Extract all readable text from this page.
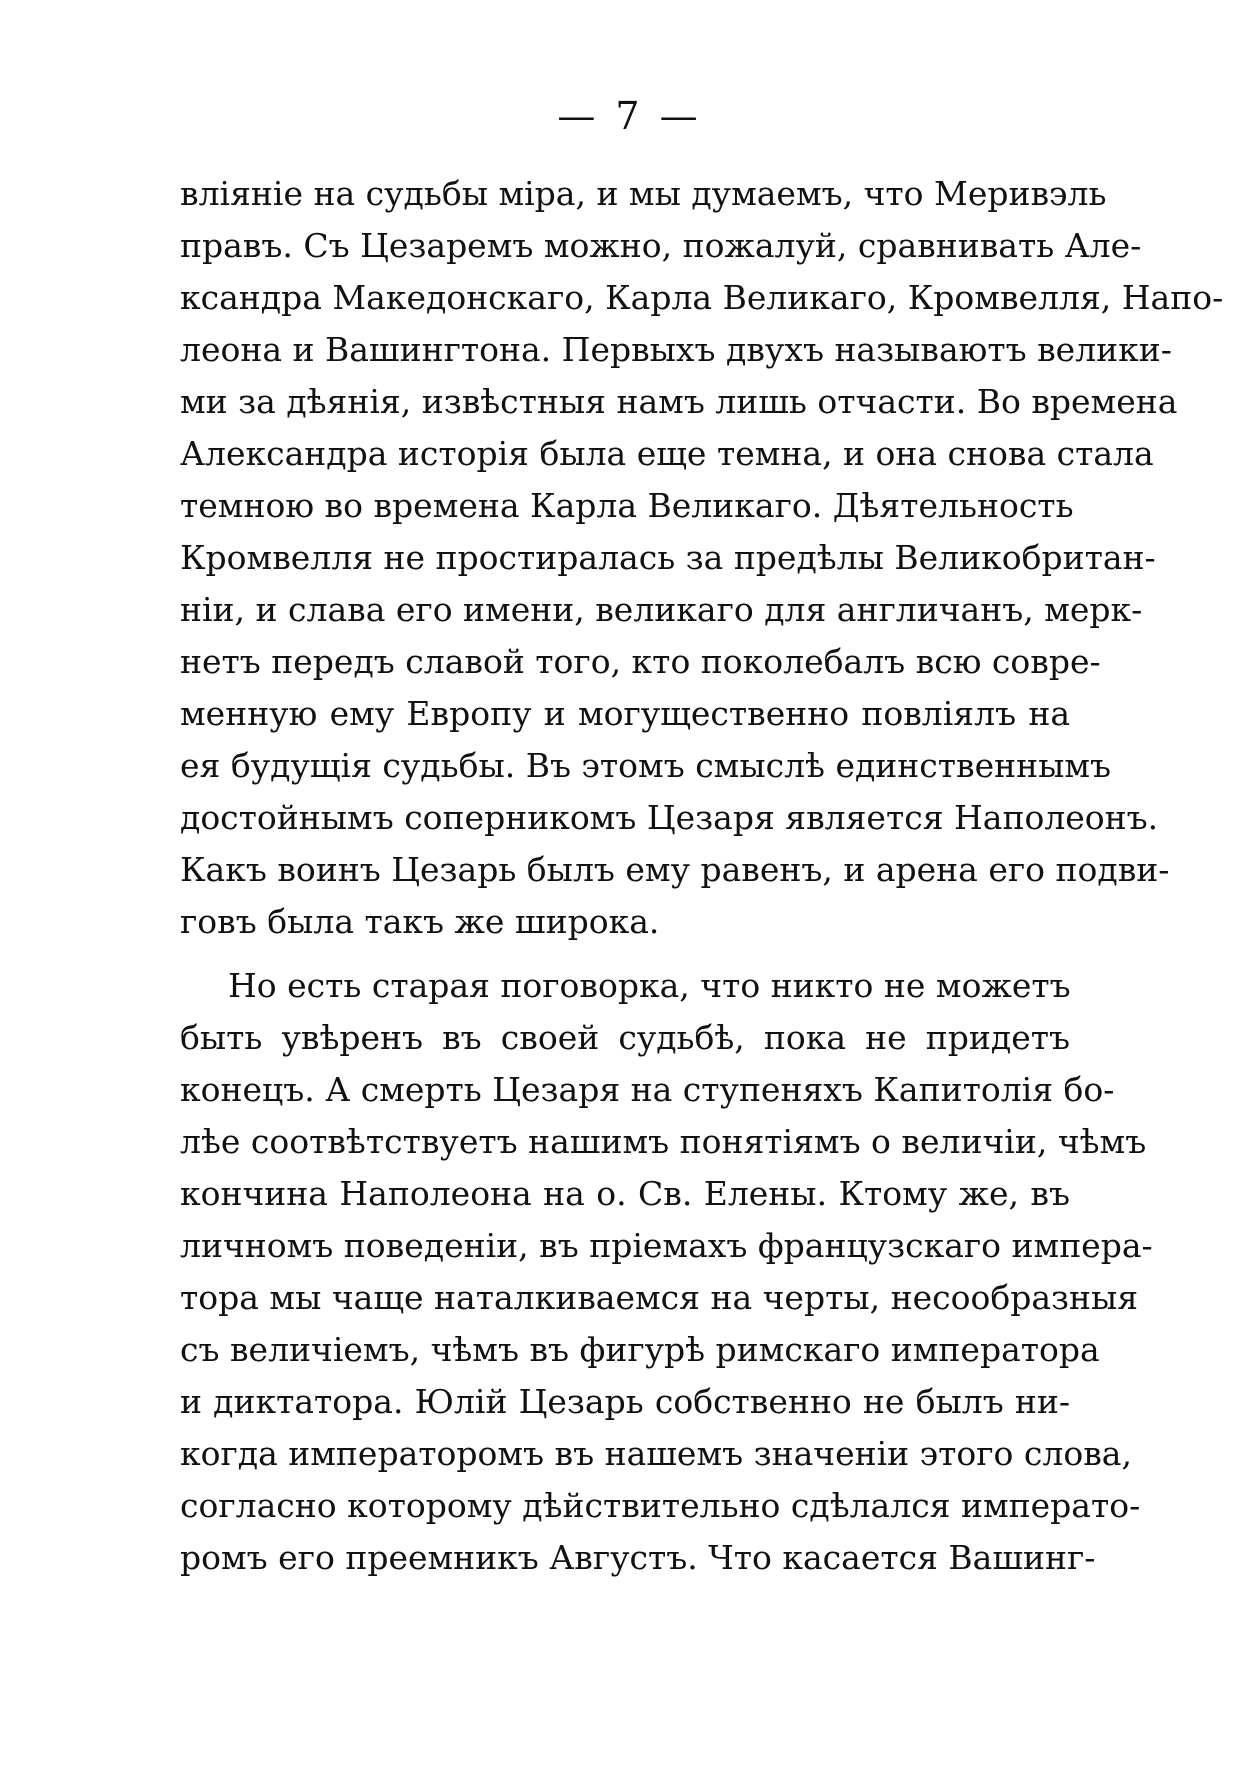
— 7 —
вліяніе на судьбы міра, и мы думаемъ, что Меривэль
правъ. Съ Цезаремъ можно, пожалуй, сравнивать Але-
ксандра Македонскаго, Карла Великаго, Кромвелля, Напо-
леона и Вашингтона. Первыхъ двухъ называютъ велики-
ми за дѣянія, извѣстныя намъ лишь отчасти. Во времена
Александра исторія была еще темна, и она снова стала
темною во времена Карла Великаго. Дѣятельность
Кромвелля не простиралась за предѣлы Великобритан-
ніи, и слава его имени, великаго для англичанъ, мерк-
нетъ передъ славой того, кто поколебалъ всю совре-
менную ему Европу и могущественно повліялъ на
ея будущія судьбы. Въ этомъ смыслѣ единственнымъ
достойнымъ соперникомъ Цезаря является Наполеонъ.
Какъ воинъ Цезарь былъ ему равенъ, и арена его подви-
говъ была такъ же широка.
Но есть старая поговорка, что никто не можетъ
быть увѣренъ въ своей судьбѣ, пока не придетъ
конецъ. А смерть Цезаря на ступеняхъ Капитолія бо-
лѣе соотвѣтствуетъ нашимъ понятіямъ о величіи, чѣмъ
кончина Наполеона на о. Св. Елены. Ктому же, въ
личномъ поведеніи, въ пріемахъ французскаго импера-
тора мы чаще наталкиваемся на черты, несообразныя
съ величіемъ, чѣмъ въ фигурѣ римскаго императора
и диктатора. Юлій Цезарь собственно не былъ ни-
когда императоромъ въ нашемъ значеніи этого слова,
согласно которому дѣйствительно сдѣлался императо-
ромъ его преемникъ Августъ. Что касается Вашинг-
